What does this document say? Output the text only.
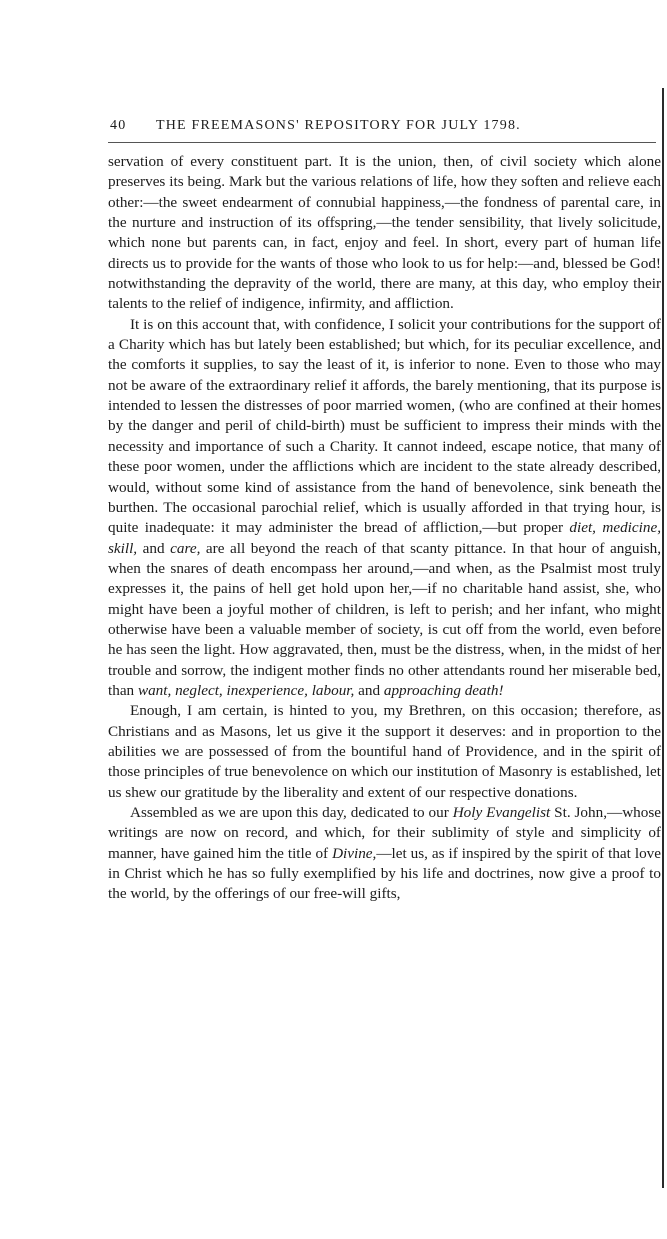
40 THE FREEMASONS' REPOSITORY FOR JULY 1798.

servation of every constituent part. It is the union, then, of civil society which alone preserves its being. Mark but the various relations of life, how they soften and relieve each other:—the sweet endearment of connubial happiness,—the fondness of parental care, in the nurture and instruction of its offspring,—the tender sensibility, that lively solicitude, which none but parents can, in fact, enjoy and feel. In short, every part of human life directs us to provide for the wants of those who look to us for help:—and, blessed be God! notwithstanding the depravity of the world, there are many, at this day, who employ their talents to the relief of indigence, infirmity, and affliction.

It is on this account that, with confidence, I solicit your contributions for the support of a Charity which has but lately been established; but which, for its peculiar excellence, and the comforts it supplies, to say the least of it, is inferior to none. Even to those who may not be aware of the extraordinary relief it affords, the barely mentioning, that its purpose is intended to lessen the distresses of poor married women, (who are confined at their homes by the danger and peril of child-birth) must be sufficient to impress their minds with the necessity and importance of such a Charity. It cannot indeed, escape notice, that many of these poor women, under the afflictions which are incident to the state already described, would, without some kind of assistance from the hand of benevolence, sink beneath the burthen. The occasional parochial relief, which is usually afforded in that trying hour, is quite inadequate: it may administer the bread of affliction,—but proper diet, medicine, skill, and care, are all beyond the reach of that scanty pittance. In that hour of anguish, when the snares of death encompass her around,—and when, as the Psalmist most truly expresses it, the pains of hell get hold upon her,—if no charitable hand assist, she, who might have been a joyful mother of children, is left to perish; and her infant, who might otherwise have been a valuable member of society, is cut off from the world, even before he has seen the light. How aggravated, then, must be the distress, when, in the midst of her trouble and sorrow, the indigent mother finds no other attendants round her miserable bed, than want, neglect, inexperience, labour, and approaching death!

Enough, I am certain, is hinted to you, my Brethren, on this occasion; therefore, as Christians and as Masons, let us give it the support it deserves: and in proportion to the abilities we are possessed of from the bountiful hand of Providence, and in the spirit of those principles of true benevolence on which our institution of Masonry is established, let us shew our gratitude by the liberality and extent of our respective donations.

Assembled as we are upon this day, dedicated to our Holy Evangelist St. John,—whose writings are now on record, and which, for their sublimity of style and simplicity of manner, have gained him the title of Divine,—let us, as if inspired by the spirit of that love in Christ which he has so fully exemplified by his life and doctrines, now give a proof to the world, by the offerings of our free-will gifts,
